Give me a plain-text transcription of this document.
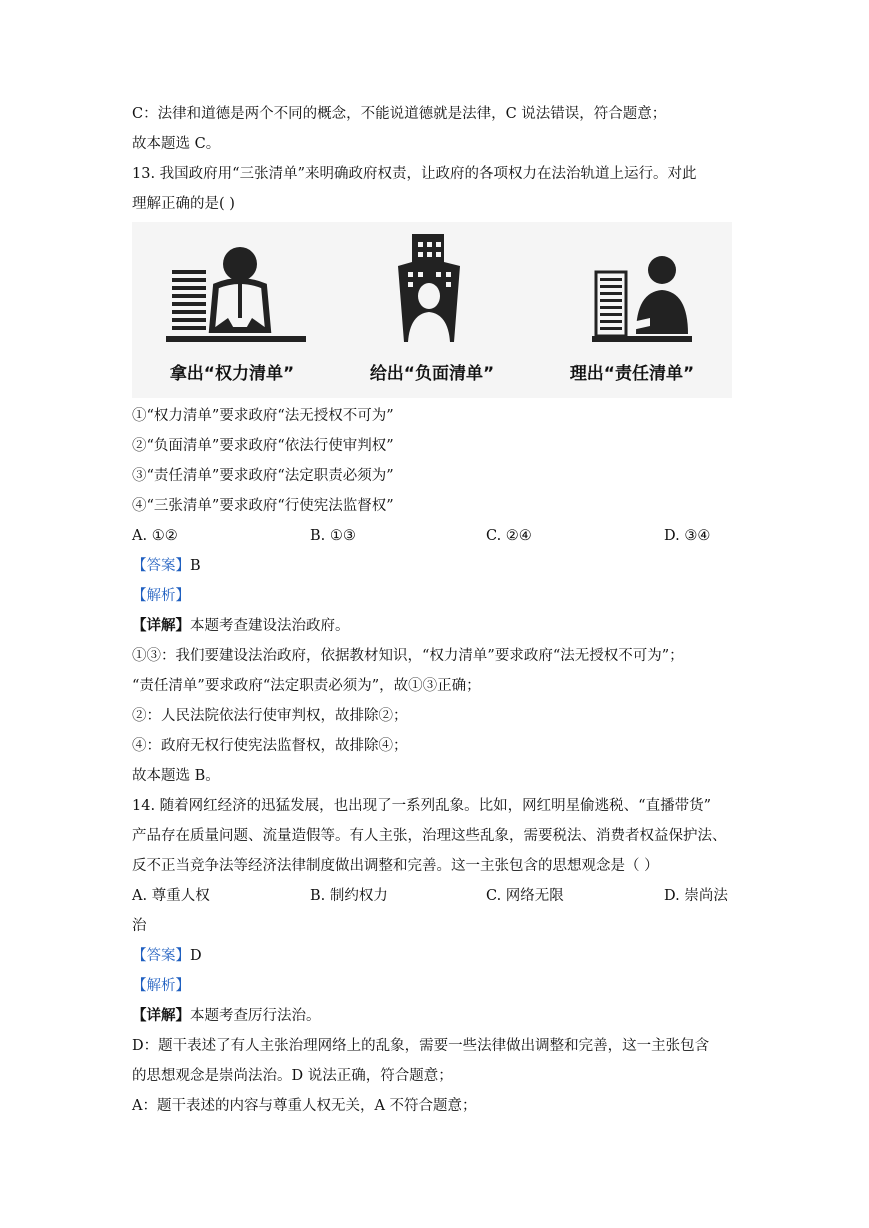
C：法律和道德是两个不同的概念，不能说道德就是法律，C 说法错误，符合题意；
故本题选 C。
13. 我国政府用“三张清单”来明确政府权责，让政府的各项权力在法治轨道上运行。对此
理解正确的是( )
拿出“权力清单”	给出“负面清单”	理出“责任清单”
①“权力清单”要求政府“法无授权不可为”
②“负面清单”要求政府“依法行使审判权”
③“责任清单”要求政府“法定职责必须为”
④“三张清单”要求政府“行使宪法监督权”
A. ①②	B. ①③	C. ②④	D. ③④
【答案】B
【解析】
【详解】本题考查建设法治政府。
①③：我们要建设法治政府，依据教材知识，“权力清单”要求政府“法无授权不可为”；
“责任清单”要求政府“法定职责必须为”，故①③正确；
②：人民法院依法行使审判权，故排除②；
④：政府无权行使宪法监督权，故排除④；
故本题选 B。
14. 随着网红经济的迅猛发展，也出现了一系列乱象。比如，网红明星偷逃税、“直播带货”
产品存在质量问题、流量造假等。有人主张，治理这些乱象，需要税法、消费者权益保护法、
反不正当竞争法等经济法律制度做出调整和完善。这一主张包含的思想观念是（ ）
A. 尊重人权	B. 制约权力	C. 网络无限	D. 崇尚法
治
【答案】D
【解析】
【详解】本题考查厉行法治。
D：题干表述了有人主张治理网络上的乱象，需要一些法律做出调整和完善，这一主张包含
的思想观念是崇尚法治。D 说法正确，符合题意；
A：题干表述的内容与尊重人权无关，A 不符合题意；
